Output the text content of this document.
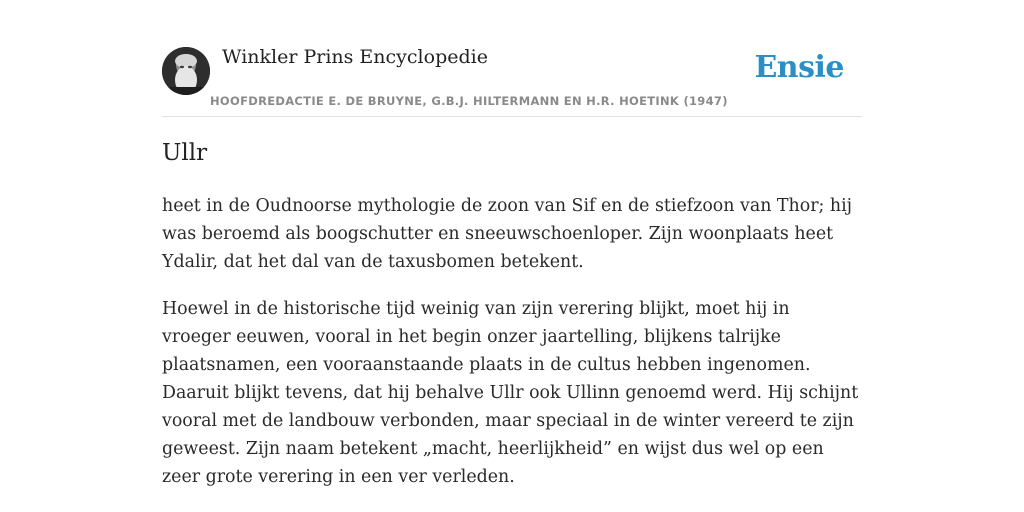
Winkler Prins Encyclopedie
HOOFDREDACTIE E. DE BRUYNE, G.B.J. HILTERMANN EN H.R. HOETINK (1947)
Ensie
Ullr

heet in de Oudnoorse mythologie de zoon van Sif en de stiefzoon van Thor; hij was beroemd als boogschutter en sneeuwschoenloper. Zijn woonplaats heet Ydalir, dat het dal van de taxusbomen betekent.

Hoewel in de historische tijd weinig van zijn verering blijkt, moet hij in vroeger eeuwen, vooral in het begin onzer jaartelling, blijkens talrijke plaatsnamen, een vooraanstaande plaats in de cultus hebben ingenomen. Daaruit blijkt tevens, dat hij behalve Ullr ook Ullinn genoemd werd. Hij schijnt vooral met de landbouw verbonden, maar speciaal in de winter vereerd te zijn geweest. Zijn naam betekent „macht, heerlijkheid” en wijst dus wel op een zeer grote verering in een ver verleden.
